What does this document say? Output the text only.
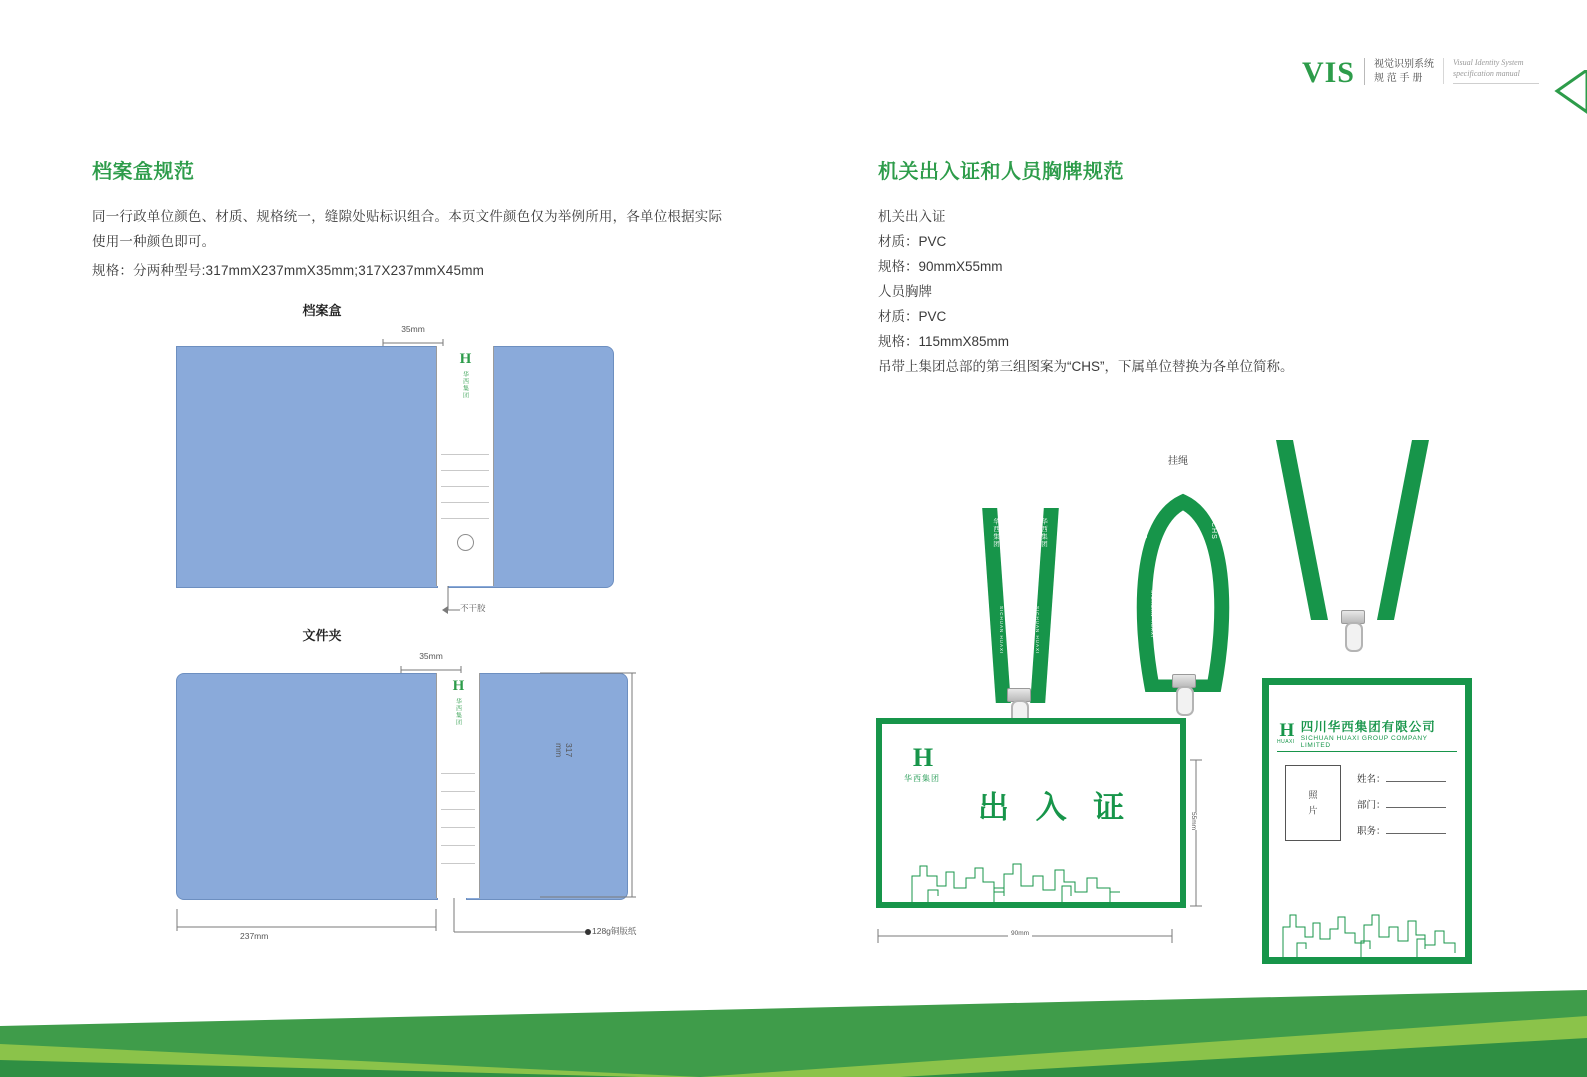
VIS 视觉识别系统
规 范 手 册
Visual Identity System
specification manual
档案盒规范

同一行政单位颜色、材质、规格统一，缝隙处贴标识组合。本页文件颜色仅为举例所用，各单位根据实际使用一种颜色即可。

规格：分两种型号:317mmX237mmX35mm;317X237mmX45mm

档案盒
35mm
H
华西集团
不干胶
文件夹
35mm
H
华西集团
317 mm
237mm	128g铜版纸
机关出入证和人员胸牌规范
机关出入证
材质：PVC
规格：90mmX55mm
人员胸牌
材质：PVC
规格：115mmX85mm
吊带上集团总部的第三组图案为“CHS”，下属单位替换为各单位简称。
华西集团	华西集团
SICHUAN HUAXI	SICHUAN HUAXI
CHS	CHS
SICHUAN HUAXI	SICHUAN HUAXI
挂绳	华西集团	华西集团
H
华西集团
出 入 证
90mm
55mm
H
HUAXI
四川华西集团有限公司
SICHUAN HUAXI GROUP COMPANY LIMITED
照 片
姓名：
部门：
职务：
